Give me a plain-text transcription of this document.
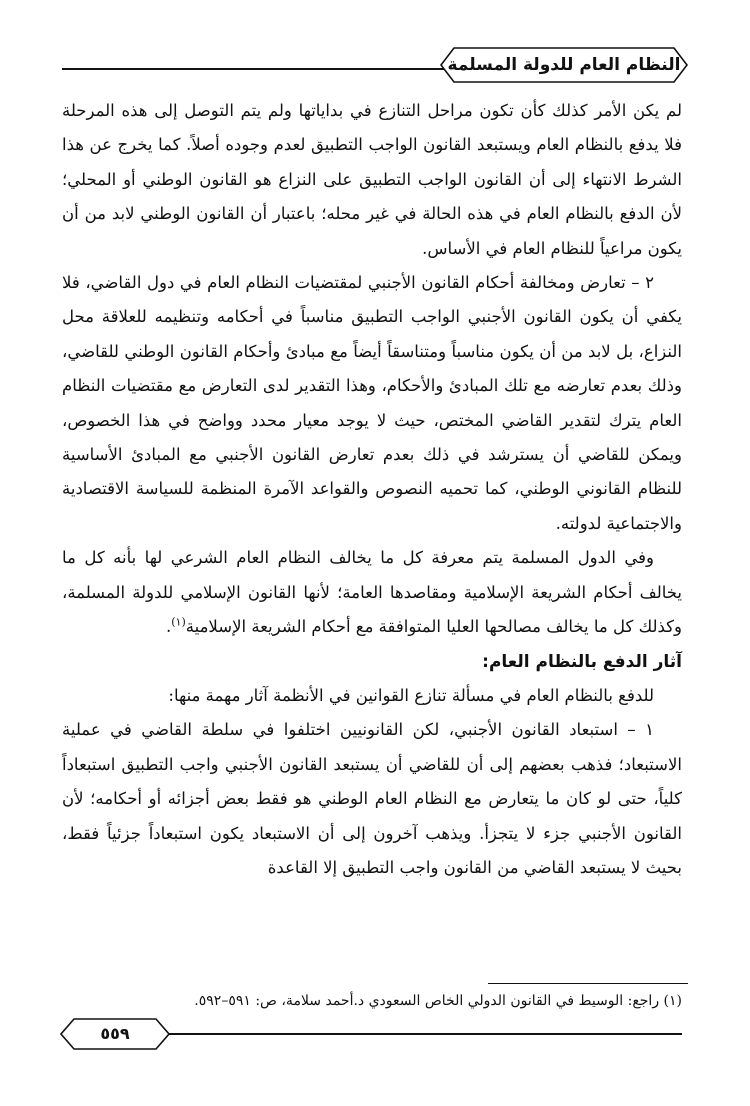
النظام العام للدولة المسلمة

لم يكن الأمر كذلك كأن تكون مراحل التنازع في بداياتها ولم يتم التوصل إلى هذه المرحلة فلا يدفع بالنظام العام ويستبعد القانون الواجب التطبيق لعدم وجوده أصلاً. كما يخرج عن هذا الشرط الانتهاء إلى أن القانون الواجب التطبيق على النزاع هو القانون الوطني أو المحلي؛ لأن الدفع بالنظام العام في هذه الحالة في غير محله؛ باعتبار أن القانون الوطني لابد من أن يكون مراعياً للنظام العام في الأساس.

٢ – تعارض ومخالفة أحكام القانون الأجنبي لمقتضيات النظام العام في دول القاضي، فلا يكفي أن يكون القانون الأجنبي الواجب التطبيق مناسباً في أحكامه وتنظيمه للعلاقة محل النزاع، بل لابد من أن يكون مناسباً ومتناسقاً أيضاً مع مبادئ وأحكام القانون الوطني للقاضي، وذلك بعدم تعارضه مع تلك المبادئ والأحكام، وهذا التقدير لدى التعارض مع مقتضيات النظام العام يترك لتقدير القاضي المختص، حيث لا يوجد معيار محدد وواضح في هذا الخصوص، ويمكن للقاضي أن يسترشد في ذلك بعدم تعارض القانون الأجنبي مع المبادئ الأساسية للنظام القانوني الوطني، كما تحميه النصوص والقواعد الآمرة المنظمة للسياسة الاقتصادية والاجتماعية لدولته.

وفي الدول المسلمة يتم معرفة كل ما يخالف النظام العام الشرعي لها بأنه كل ما يخالف أحكام الشريعة الإسلامية ومقاصدها العامة؛ لأنها القانون الإسلامي للدولة المسلمة، وكذلك كل ما يخالف مصالحها العليا المتوافقة مع أحكام الشريعة الإسلامية$^{(١)}$.

آثار الدفع بالنظام العام:

للدفع بالنظام العام في مسألة تنازع القوانين في الأنظمة آثار مهمة منها:

١ – استبعاد القانون الأجنبي، لكن القانونيين اختلفوا في سلطة القاضي في عملية الاستبعاد؛ فذهب بعضهم إلى أن للقاضي أن يستبعد القانون الأجنبي واجب التطبيق استبعاداً كلياً، حتى لو كان ما يتعارض مع النظام العام الوطني هو فقط بعض أجزائه أو أحكامه؛ لأن القانون الأجنبي جزء لا يتجزأ. ويذهب آخرون إلى أن الاستبعاد يكون استبعاداً جزئياً فقط، بحيث لا يستبعد القاضي من القانون واجب التطبيق إلا القاعدة

(١) راجع: الوسيط في القانون الدولي الخاص السعودي د.أحمد سلامة، ص: ٥٩١–٥٩٢.
٥٥٩
